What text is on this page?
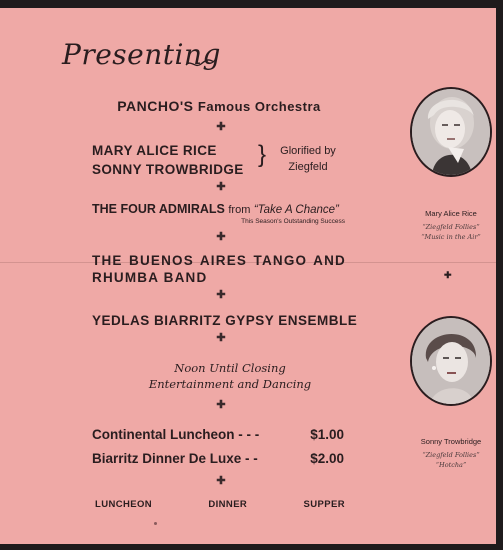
Presenting
PANCHO'S Famous Orchestra
✚
MARY ALICE RICE
SONNY TROWBRIDGE
}	Glorified by
Ziegfeld
✚
THE FOUR ADMIRALS from “Take A Chance”
This Season's Outstanding Success
✚
THE BUENOS AIRES TANGO AND RHUMBA BAND
✚
YEDLAS BIARRITZ GYPSY ENSEMBLE
✚
Noon Until Closing
Entertainment and Dancing
✚
Continental Luncheon - - -	$1.00
Biarritz Dinner De Luxe - -	$2.00
✚
LUNCHEON	DINNER	SUPPER
Mary Alice Rice
“Ziegfeld Follies”
“Music in the Air”
✚
Sonny Trowbridge
“Ziegfeld Follies”
“Hotcha”
